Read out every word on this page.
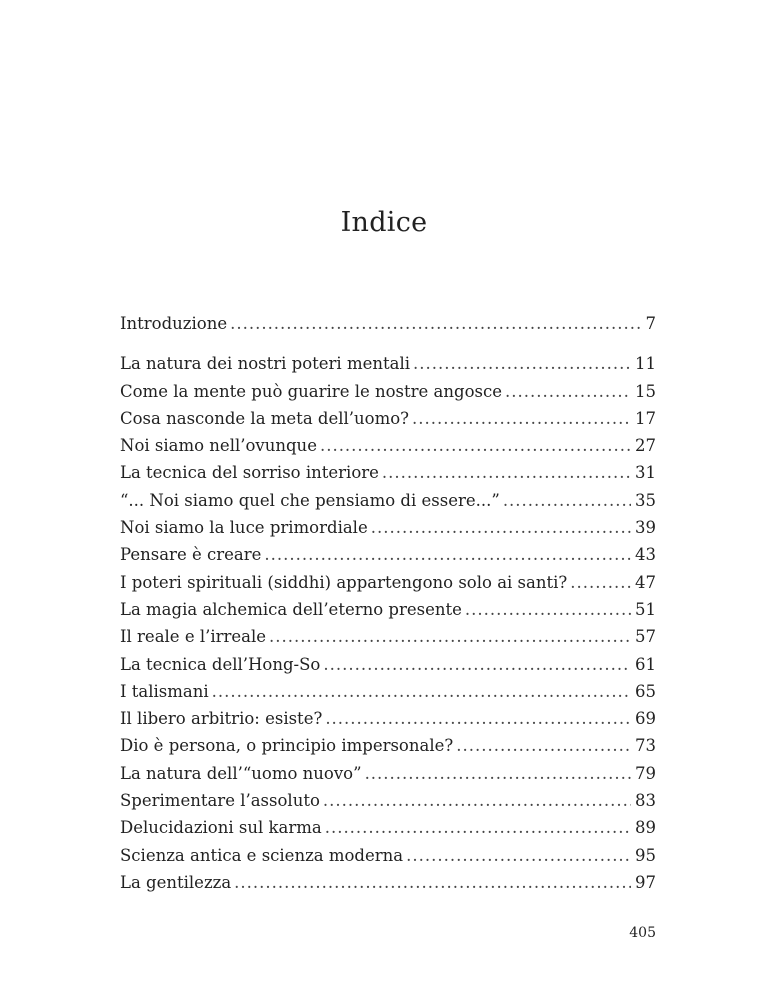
Indice
Introduzione .....	7
La natura dei nostri poteri mentali .....	11
Come la mente può guarire le nostre angosce .....	15
Cosa nasconde la meta dell’uomo? .....	17
Noi siamo nell’ovunque .....	27
La tecnica del sorriso interiore .....	31
“... Noi siamo quel che pensiamo di essere...” .....	35
Noi siamo la luce primordiale .....	39
Pensare è creare .....	43
I poteri spirituali (siddhi) appartengono solo ai santi? .....	47
La magia alchemica dell’eterno presente .....	51
Il reale e l’irreale .....	57
La tecnica dell’Hong-So .....	61
I talismani .....	65
Il libero arbitrio: esiste? .....	69
Dio è persona, o principio impersonale? .....	73
La natura dell’“uomo nuovo” .....	79
Sperimentare l’assoluto .....	83
Delucidazioni sul karma .....	89
Scienza antica e scienza moderna .....	95
La gentilezza .....	97
405
